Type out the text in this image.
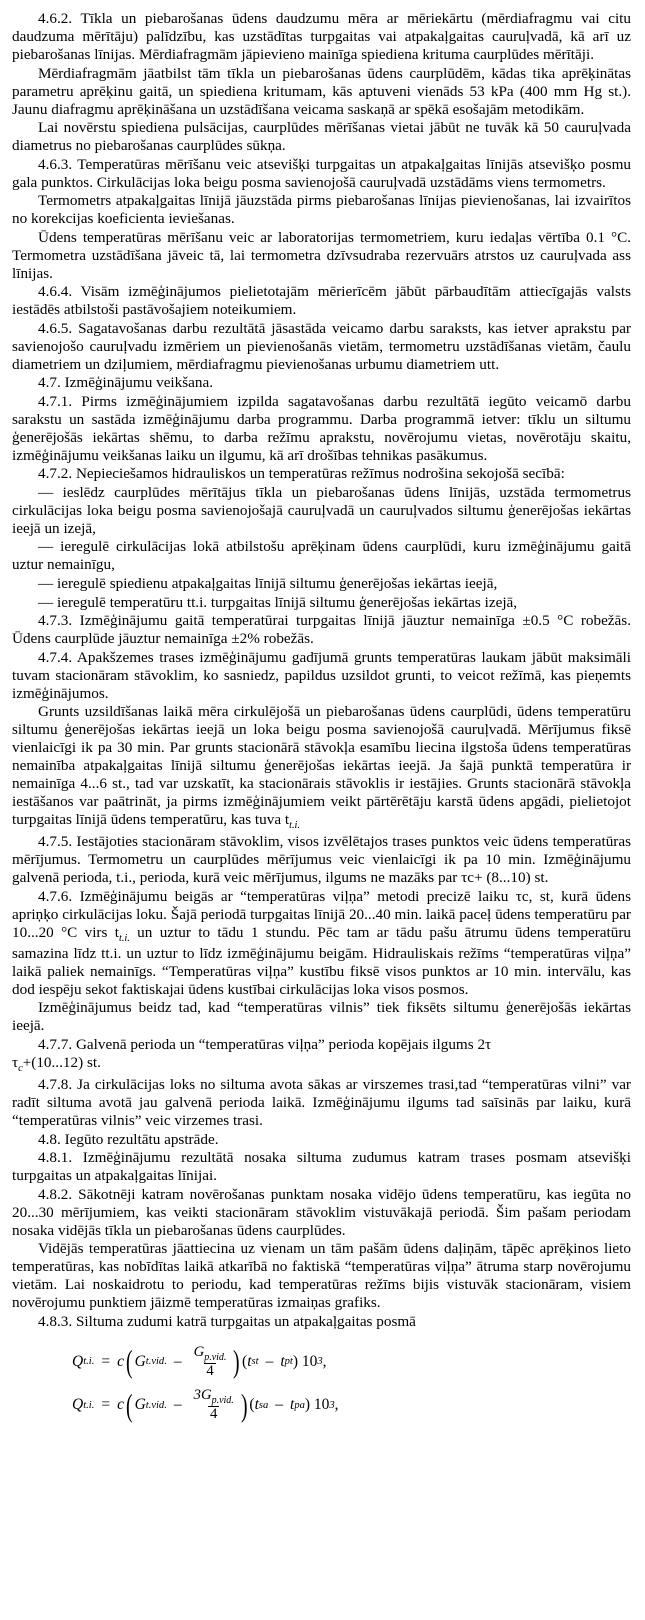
4.6.2. Tīkla un piebarošanas ūdens daudzumu mēra ar mēriekārtu (mērdiafragmu vai citu daudzuma mērītāju) palīdzību, kas uzstādītas turpgaitas vai atpakaļgaitas cauruļvadā, kā arī uz piebarošanas līnijas. Mērdiafragmām jāpievieno mainīga spiediena krituma caurplūdes mērītāji.

Mērdiafragmām jāatbilst tām tīkla un piebarošanas ūdens caurplūdēm, kādas tika aprēķinātas parametru aprēķinu gaitā, un spiediena kritumam, kās aptuveni vienāds 53 kPa (400 mm Hg st.). Jaunu diafragmu aprēķināšana un uzstādīšana veicama saskaņā ar spēkā esošajām metodikām.

Lai novērstu spiediena pulsācijas, caurplūdes mērīšanas vietai jābūt ne tuvāk kā 50 cauruļvada diametrus no piebarošanas caurplūdes sūkņa.

4.6.3. Temperatūras mērīšanu veic atsevišķi turpgaitas un atpakaļgaitas līnijās atsevišķo posmu gala punktos. Cirkulācijas loka beigu posma savienojošā cauruļvadā uzstādāms viens termometrs.

Termometrs atpakaļgaitas līnijā jāuzstāda pirms piebarošanas līnijas pievienošanas, lai izvairītos no korekcijas koeficienta ieviešanas.

Ūdens temperatūras mērīšanu veic ar laboratorijas termometriem, kuru iedaļas vērtība 0.1 °C. Termometra uzstādīšana jāveic tā, lai termometra dzīvsudraba rezervuārs atrstos uz cauruļvada ass līnijas.

4.6.4. Visām izmēģinājumos pielietotajām mērierīcēm jābūt pārbaudītām attiecīgajās valsts iestādēs atbilstoši pastāvošajiem noteikumiem.

4.6.5. Sagatavošanas darbu rezultātā jāsastāda veicamo darbu saraksts, kas ietver aprakstu par savienojošo cauruļvadu izmēriem un pievienošanās vietām, termometru uzstādīšanas vietām, čaulu diametriem un dziļumiem, mērdiafragmu pievienošanas urbumu diametriem utt.

4.7. Izmēģinājumu veikšana.

4.7.1. Pirms izmēģinājumiem izpilda sagatavošanas darbu rezultātā iegūto veicamō darbu sarakstu un sastāda izmēģinājumu darba programmu. Darba programmā ietver: tīklu un siltumu ģenerējošās iekārtas shēmu, to darba režīmu aprakstu, novērojumu vietas, novērotāju skaitu, izmēģinājumu veikšanas laiku un ilgumu, kā arī drošības tehnikas pasākumus.

4.7.2. Nepieciešamos hidrauliskos un temperatūras režīmus nodrošina sekojošā secībā:

— ieslēdz caurplūdes mērītājus tīkla un piebarošanas ūdens līnijās, uzstāda termometrus cirkulācijas loka beigu posma savienojošajā cauruļvadā un cauruļvados siltumu ģenerējošas iekārtas ieejā un izejā,

— ieregulē cirkulācijas lokā atbilstošu aprēķinam ūdens caurplūdi, kuru izmēģinājumu gaitā uztur nemainīgu,

— ieregulē spiedienu atpakaļgaitas līnijā siltumu ģenerējošas iekārtas ieejā,

— ieregulē temperatūru tt.i. turpgaitas līnijā siltumu ģenerējošas iekārtas izejā,

4.7.3. Izmēģinājumu gaitā temperatūrai turpgaitas līnijā jāuztur nemainīga ±0.5 °C robežās. Ūdens caurplūde jāuztur nemainīga ±2% robežās.

4.7.4. Apakšzemes trases izmēģinājumu gadījumā grunts temperatūras laukam jābūt maksimāli tuvam stacionāram stāvoklim, ko sasniedz, papildus uzsildot grunti, to veicot režīmā, kas pieņemts izmēģinājumos.

Grunts uzsildīšanas laikā mēra cirkulējošā un piebarošanas ūdens caurplūdi, ūdens temperatūru siltumu ģenerējošas iekārtas ieejā un loka beigu posma savienojošā cauruļvadā. Mērījumus fiksē vienlaicīgi ik pa 30 min. Par grunts stacionārā stāvokļa esamību liecina ilgstoša ūdens temperatūras nemainība atpakaļgaitas līnijā siltumu ģenerējošas iekārtas ieejā. Ja šajā punktā temperatūra ir nemainīga 4...6 st., tad var uzskatīt, ka stacionārais stāvoklis ir iestājies. Grunts stacionārā stāvokļa iestāšanos var paātrināt, ja pirms izmēģinājumiem veikt pārtērētāju karstā ūdens apgādi, pielietojot turpgaitas līnijā ūdens temperatūru, kas tuva $t_{t.i.}$

4.7.5. Iestājoties stacionāram stāvoklim, visos izvēlētajos trases punktos veic ūdens temperatūras mērījumus. Termometru un caurplūdes mērījumus veic vienlaicīgi ik pa 10 min. Izmēģinājumu galvenā perioda, t.i., perioda, kurā veic mērījumus, ilgums ne mazāks par τc+ (8...10) st.

4.7.6. Izmēģinājumu beigās ar “temperatūras viļņa” metodi precizē laiku τc, st, kurā ūdens apriņķo cirkulācijas loku. Šajā periodā turpgaitas līnijā 20...40 min. laikā paceļ ūdens temperatūru par 10...20 °C virs $t_{t.i.}$ un uztur to tādu 1 stundu. Pēc tam ar tādu pašu ātrumu ūdens temperatūru samazina līdz tt.i. un uztur to līdz izmēģinājumu beigām. Hidrauliskais režīms “temperatūras viļņa” laikā paliek nemainīgs. “Temperatūras viļņa” kustību fiksē visos punktos ar 10 min. intervālu, kas dod iespēju sekot faktiskajai ūdens kustībai cirkulācijas loka visos posmos.

Izmēģinājumus beidz tad, kad “temperatūras vilnis” tiek fiksēts siltumu ģenerējošās iekārtas ieejā.

4.7.7. Galvenā perioda un “temperatūras viļņa” perioda kopējais ilgums 2τ

$\tau_c+(10...12)$ st.

4.7.8. Ja cirkulācijas loks no siltuma avota sākas ar virszemes trasi,tad “temperatūras vilni” var radīt siltuma avotā jau galvenā perioda laikā. Izmēģinājumu ilgums tad saīsinās par laiku, kurā “temperatūras vilnis” veic virzemes trasi.

4.8. Iegūto rezultātu apstrāde.

4.8.1. Izmēģinājumu rezultātā nosaka siltuma zudumus katram trases posmam atsevišķi turpgaitas un atpakaļgaitas līnijai.

4.8.2. Sākotnēji katram novērošanas punktam nosaka vidējo ūdens temperatūru, kas iegūta no 20...30 mērījumiem, kas veikti stacionāram stāvoklim vistuvākajā periodā. Šim pašam periodam nosaka vidējās tīkla un piebarošanas ūdens caurplūdes.

Vidējās temperatūras jāattiecina uz vienam un tām pašām ūdens daļiņām, tāpēc aprēķinos lieto temperatūras, kas nobīdītas laikā atkarībā no faktiskā “temperatūras viļņa” ātruma starp novērojumu vietām. Lai noskaidrotu to periodu, kad temperatūras režīms bijis vistuvāk stacionāram, visiem novērojumu punktiem jāizmē temperatūras izmaiņas grafiks.

4.8.3. Siltuma zudumi katrā turpgaitas un atpakaļgaitas posmā

Q t.i. = c ( G t.vid. – $\frac{G_{p.vid.}}{4}$ ) ( t s t – t p t ) 10 3 ,
Q t.i. = c ( G t.vid. – $\frac{3G_{p.vid.}}{4}$ ) ( t s a – t p a ) 10 3 ,
